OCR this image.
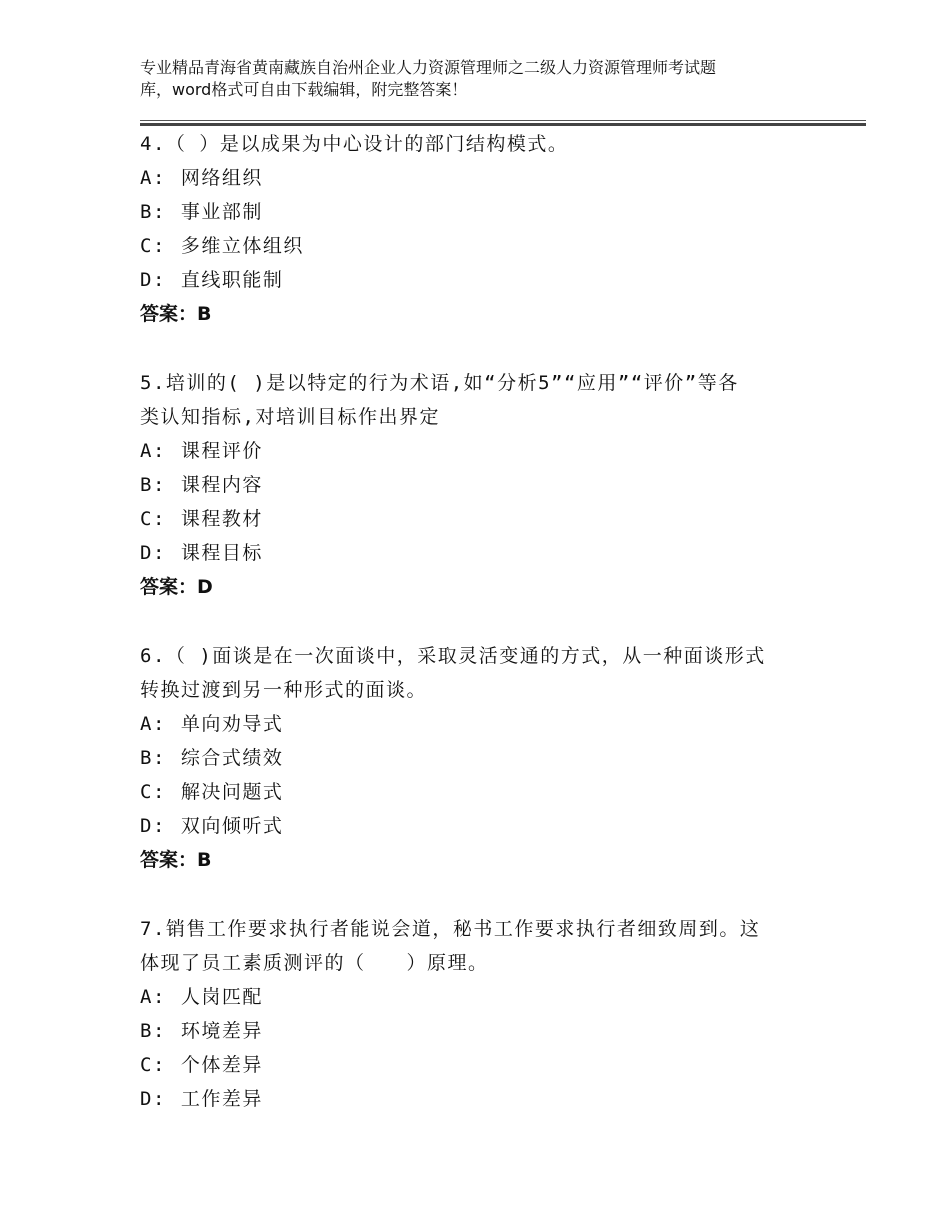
专业精品青海省黄南藏族自治州企业人力资源管理师之二级人力资源管理师考试题
库，word格式可自由下载编辑，附完整答案！
4.（ ）是以成果为中心设计的部门结构模式。
A: 网络组织
B: 事业部制
C: 多维立体组织
D: 直线职能制
答案：B
5.培训的( )是以特定的行为术语,如“分析5”“应用”“评价”等各
类认知指标,对培训目标作出界定
A: 课程评价
B: 课程内容
C: 课程教材
D: 课程目标
答案：D
6.（ )面谈是在一次面谈中，采取灵活变通的方式，从一种面谈形式
转换过渡到另一种形式的面谈。
A: 单向劝导式
B: 综合式绩效
C: 解决问题式
D: 双向倾听式
答案：B
7.销售工作要求执行者能说会道，秘书工作要求执行者细致周到。这
体现了员工素质测评的（　　）原理。
A: 人岗匹配
B: 环境差异
C: 个体差异
D: 工作差异
